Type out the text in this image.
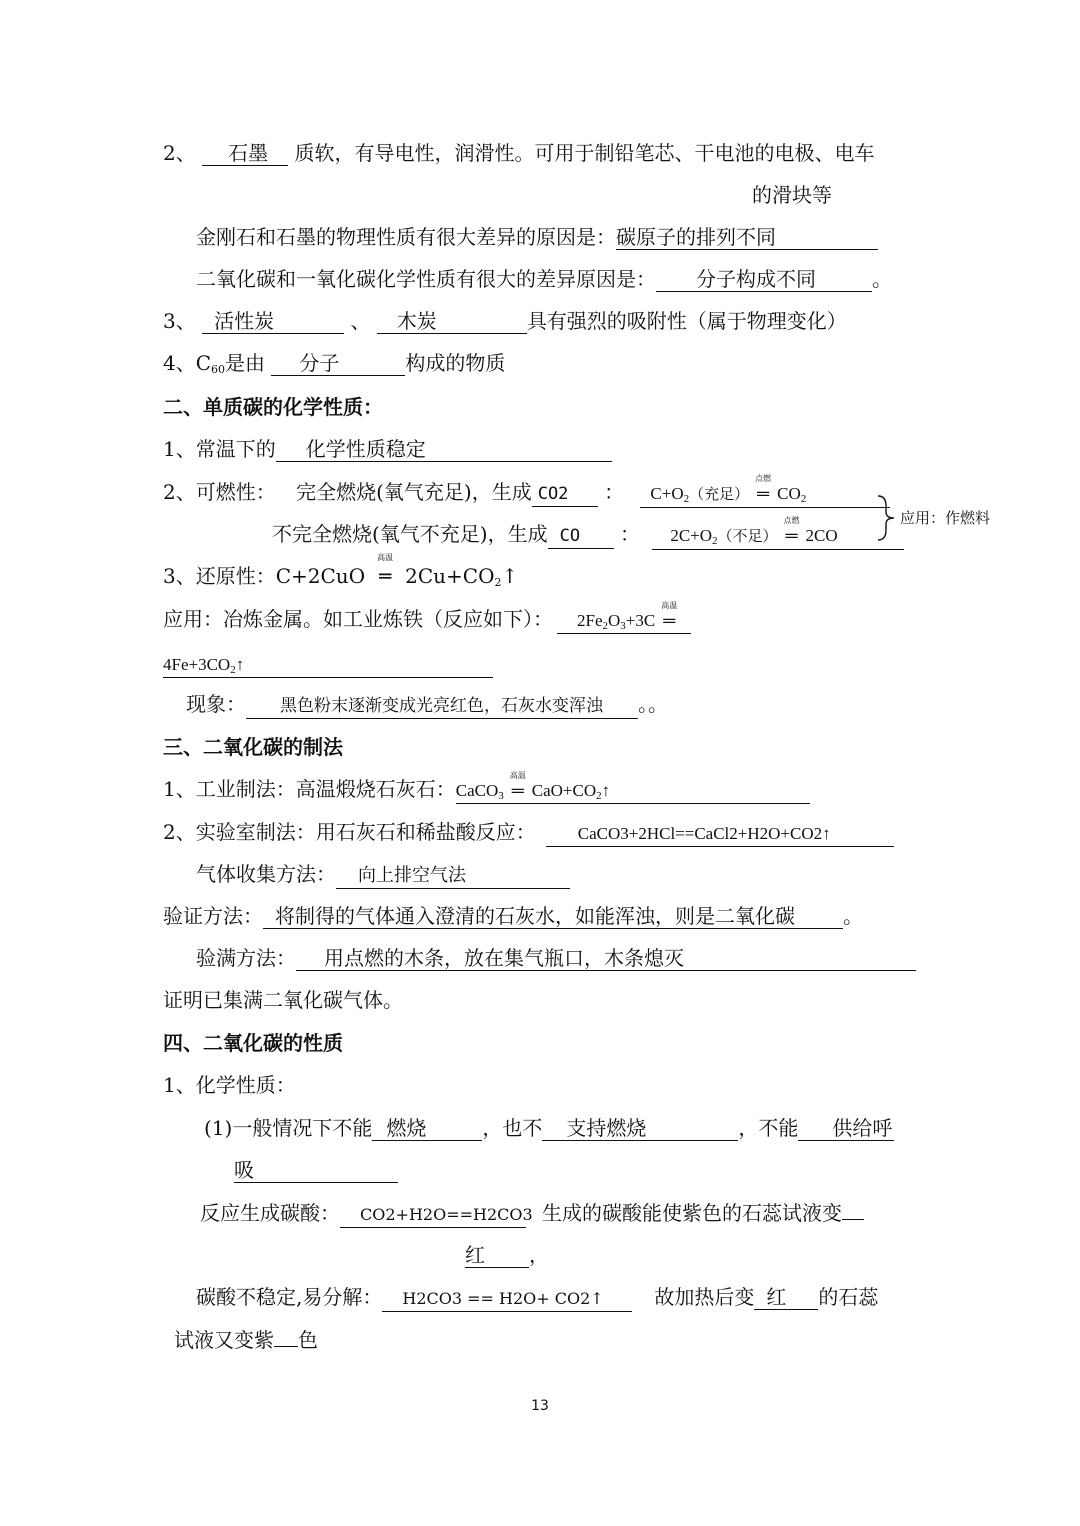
2、 石墨 质软，有导电性，润滑性。可用于制铅笔芯、干电池的电极、电车
的滑块等
金刚石和石墨的物理性质有很大差异的原因是：碳原子的排列不同
二氧化碳和一氧化碳化学性质有很大的差异原因是： 分子构成不同	。
3、 活性炭	、 木炭	具有强烈的吸附性（属于物理变化）
4、$C_{60}$是由 分子	构成的物质
二、单质碳的化学性质：
1、常温下的 化学性质稳定
2、可燃性： 完全燃烧(氧气充足)，生成 CO2 ： $C+O_2$（充足）
点燃
═ $CO_2$
不完全燃烧(氧气不充足)，生成 CO ： $2C+O_2$（不足）
点燃
═ 2CO
应用：作燃料
3、还原性：C+2CuO
高温
═ $2Cu+CO_2↑$
应用：冶炼金属。如工业炼铁（反应如下）： $2Fe_2O_3+3C$
高温
═
$4Fe+3CO_2↑$
现象： 黑色粉末逐渐变成光亮红色，石灰水变浑浊 。。
三、二氧化碳的制法
1、工业制法：高温煅烧石灰石：CaCO$_3$
高温
═ $CaO+CO_2↑$
2、实验室制法：用石灰石和稀盐酸反应： CaCO3+2HCl==CaCl2+H2O+CO2↑
气体收集方法： 向上排空气法
验证方法： 将制得的气体通入澄清的石灰水，如能浑浊，则是二氧化碳 。
验满方法： 用点燃的木条，放在集气瓶口，木条熄灭
证明已集满二氧化碳气体。
四、二氧化碳的性质
1、化学性质：
(1)一般情况下不能 燃烧	，也不 支持燃烧	，不能 供给呼
吸
反应生成碳酸： CO2+H2O==H2CO3 生成的碳酸能使紫色的石蕊试液变
红 ，
碳酸不稳定,易分解： H2CO3 == H2O+ CO2↑	故加热后变 红 的石蕊
试液又变紫 色
13
